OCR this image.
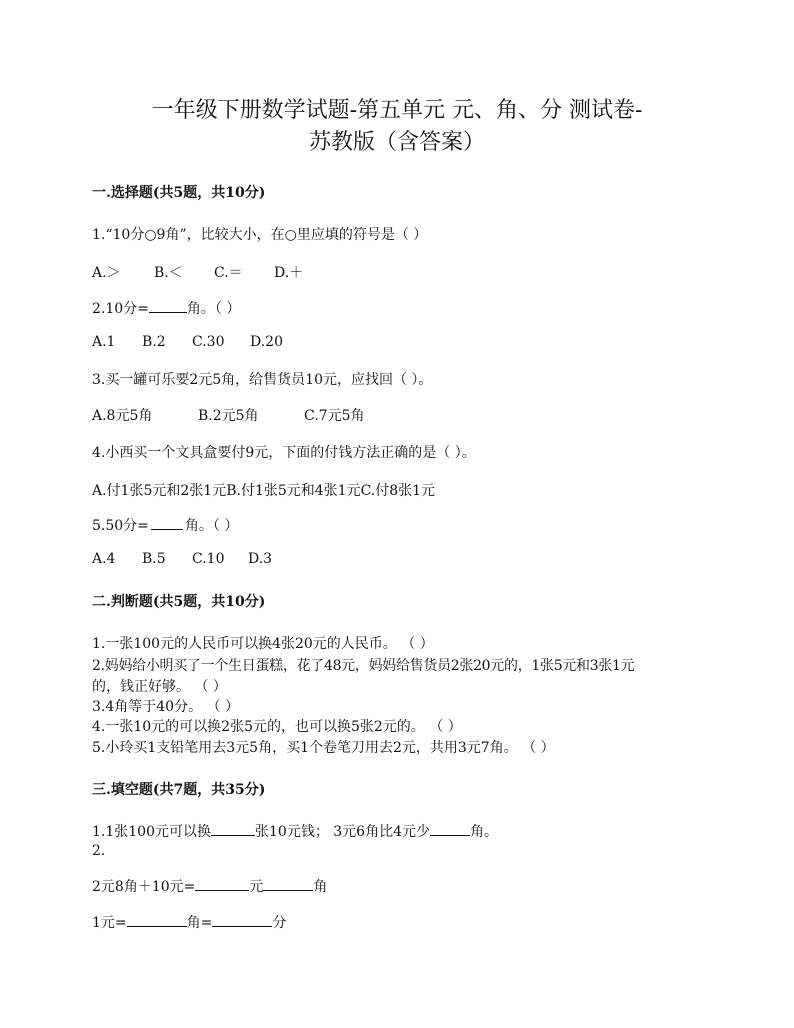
一年级下册数学试题-第五单元 元、角、分 测试卷-
苏教版（含答案）
一.选择题(共5题，共10分)
1.“10分○9角”，比较大小，在○里应填的符号是（ ）
A.＞ B.＜ C.＝ D.＋
2.10分=	角。（ ）
A.1 B.2 C.30 D.20
3.买一罐可乐要2元5角，给售货员10元，应找回（ ）。
A.8元5角	B.2元5角	C.7元5角
4.小西买一个文具盒要付9元，下面的付钱方法正确的是（ ）。
A.付1张5元和2张1元B.付1张5元和4张1元C.付8张1元
5.50分=	角。（ ）
A.4 B.5 C.10 D.3
二.判断题(共5题，共10分)
1.一张100元的人民币可以换4张20元的人民币。 （ ）
2.妈妈给小明买了一个生日蛋糕，花了48元，妈妈给售货员2张20元的，1张5元和3张1元
的，钱正好够。 （ ）
3.4角等于40分。 （ ）
4.一张10元的可以换2张5元的，也可以换5张2元的。 （ ）
5.小玲买1支铅笔用去3元5角，买1个卷笔刀用去2元，共用3元7角。 （ ）
三.填空题(共7题，共35分)
1.1张100元可以换	张10元钱； 3元6角比4元少	角。
2.
2元8角＋10元=	元	角
1元=	角=	分
